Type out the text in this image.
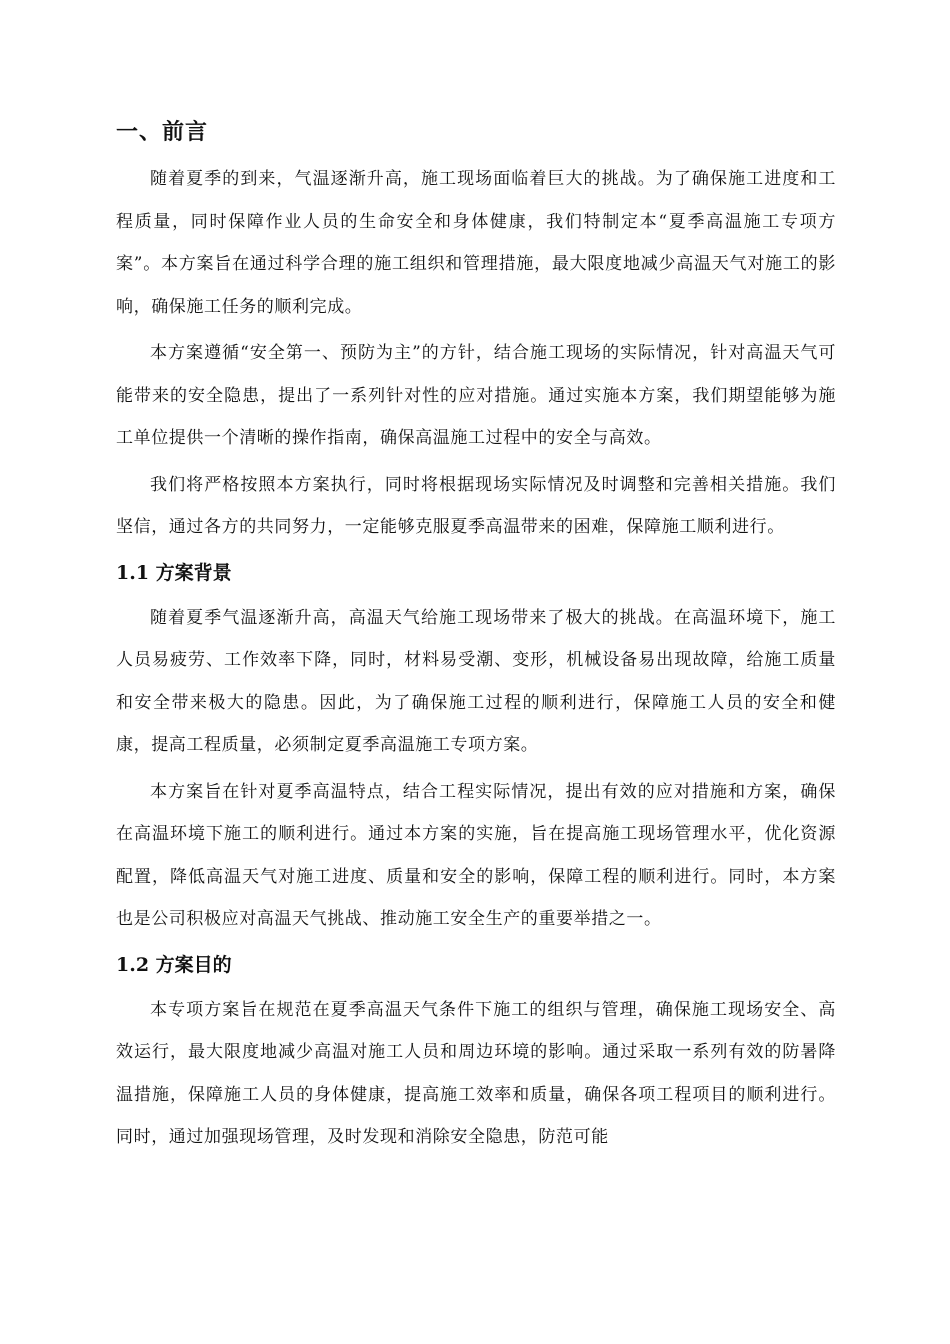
一、前言

随着夏季的到来，气温逐渐升高，施工现场面临着巨大的挑战。为了确保施工进度和工程质量，同时保障作业人员的生命安全和身体健康，我们特制定本“夏季高温施工专项方案”。本方案旨在通过科学合理的施工组织和管理措施，最大限度地减少高温天气对施工的影响，确保施工任务的顺利完成。

本方案遵循“安全第一、预防为主”的方针，结合施工现场的实际情况，针对高温天气可能带来的安全隐患，提出了一系列针对性的应对措施。通过实施本方案，我们期望能够为施工单位提供一个清晰的操作指南，确保高温施工过程中的安全与高效。

我们将严格按照本方案执行，同时将根据现场实际情况及时调整和完善相关措施。我们坚信，通过各方的共同努力，一定能够克服夏季高温带来的困难，保障施工顺利进行。

1.1 方案背景

随着夏季气温逐渐升高，高温天气给施工现场带来了极大的挑战。在高温环境下，施工人员易疲劳、工作效率下降，同时，材料易受潮、变形，机械设备易出现故障，给施工质量和安全带来极大的隐患。因此，为了确保施工过程的顺利进行，保障施工人员的安全和健康，提高工程质量，必须制定夏季高温施工专项方案。

本方案旨在针对夏季高温特点，结合工程实际情况，提出有效的应对措施和方案，确保在高温环境下施工的顺利进行。通过本方案的实施，旨在提高施工现场管理水平，优化资源配置，降低高温天气对施工进度、质量和安全的影响，保障工程的顺利进行。同时，本方案也是公司积极应对高温天气挑战、推动施工安全生产的重要举措之一。

1.2 方案目的

本专项方案旨在规范在夏季高温天气条件下施工的组织与管理，确保施工现场安全、高效运行，最大限度地减少高温对施工人员和周边环境的影响。通过采取一系列有效的防暑降温措施，保障施工人员的身体健康，提高施工效率和质量，确保各项工程项目的顺利进行。同时，通过加强现场管理，及时发现和消除安全隐患，防范可能
